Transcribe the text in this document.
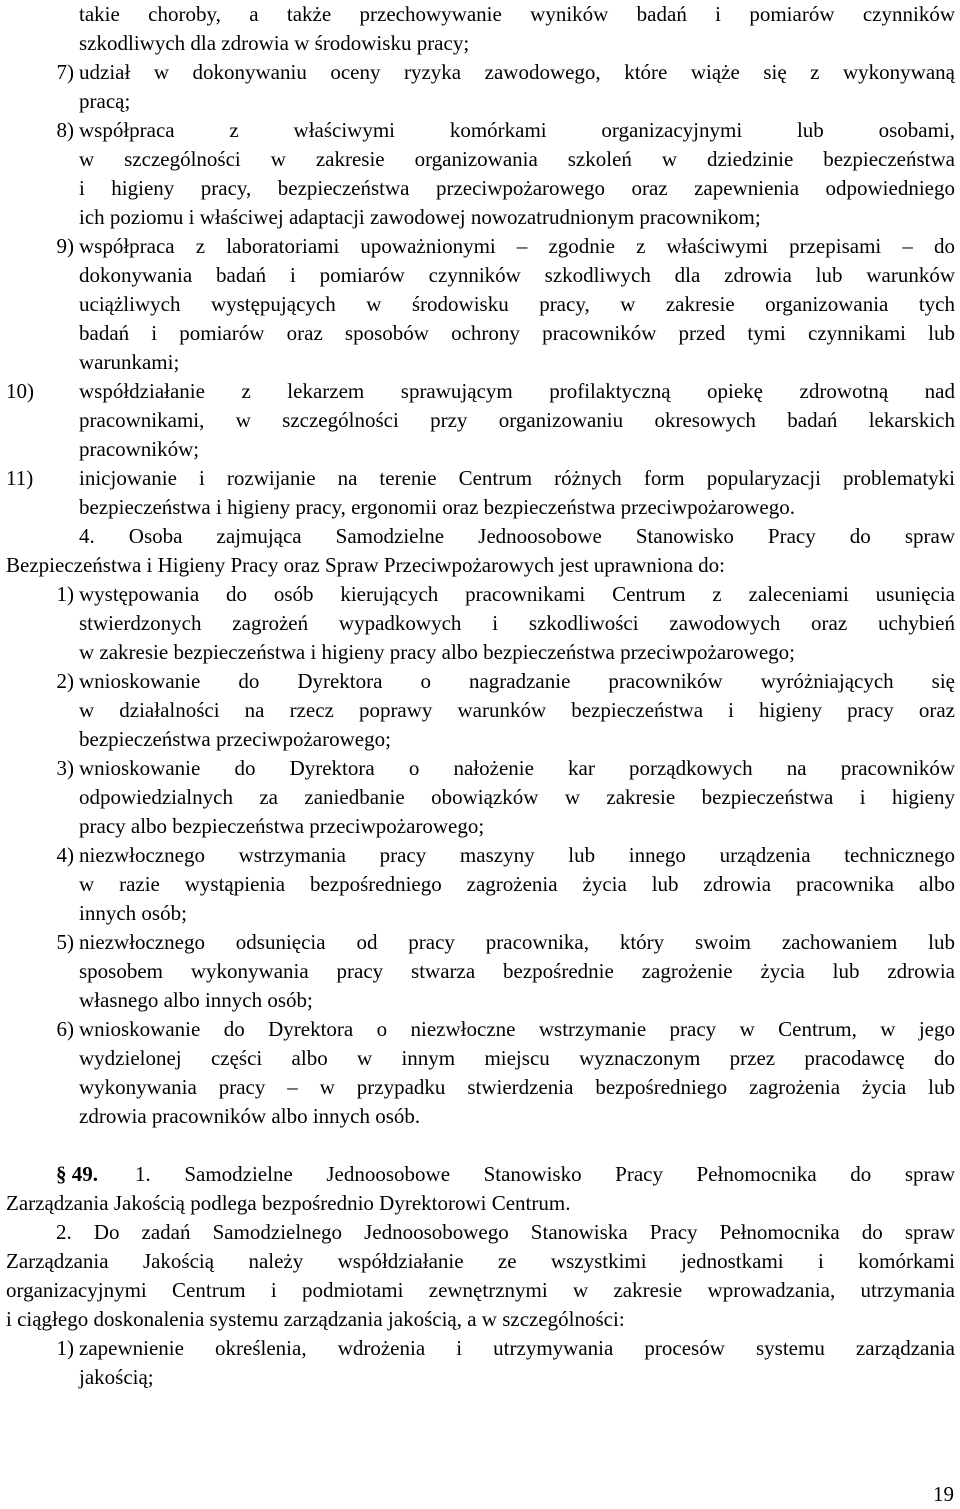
takie choroby, a także przechowywanie wyników badań i pomiarów czynników
szkodliwych dla zdrowia w środowisku pracy;
7) udział w dokonywaniu oceny ryzyka zawodowego, które wiąże się z wykonywaną
pracą;
8) współpraca z właściwymi komórkami organizacyjnymi lub osobami,
w szczególności w zakresie organizowania szkoleń w dziedzinie bezpieczeństwa
i higieny pracy, bezpieczeństwa przeciwpożarowego oraz zapewnienia odpowiedniego
ich poziomu i właściwej adaptacji zawodowej nowozatrudnionym pracownikom;
9) współpraca z laboratoriami upoważnionymi – zgodnie z właściwymi przepisami – do
dokonywania badań i pomiarów czynników szkodliwych dla zdrowia lub warunków
uciążliwych występujących w środowisku pracy, w zakresie organizowania tych
badań i pomiarów oraz sposobów ochrony pracowników przed tymi czynnikami lub
warunkami;
10)	współdziałanie z lekarzem sprawującym profilaktyczną opiekę zdrowotną nad
pracownikami, w szczególności przy organizowaniu okresowych badań lekarskich
pracowników;
11)	inicjowanie i rozwijanie na terenie Centrum różnych form popularyzacji problematyki
bezpieczeństwa i higieny pracy, ergonomii oraz bezpieczeństwa przeciwpożarowego.
4. Osoba zajmująca Samodzielne Jednoosobowe Stanowisko Pracy do spraw
Bezpieczeństwa i Higieny Pracy oraz Spraw Przeciwpożarowych jest uprawniona do:
1) występowania do osób kierujących pracownikami Centrum z zaleceniami usunięcia
stwierdzonych zagrożeń wypadkowych i szkodliwości zawodowych oraz uchybień
w zakresie bezpieczeństwa i higieny pracy albo bezpieczeństwa przeciwpożarowego;
2) wnioskowanie do Dyrektora o nagradzanie pracowników wyróżniających się
w działalności na rzecz poprawy warunków bezpieczeństwa i higieny pracy oraz
bezpieczeństwa przeciwpożarowego;
3) wnioskowanie do Dyrektora o nałożenie kar porządkowych na pracowników
odpowiedzialnych za zaniedbanie obowiązków w zakresie bezpieczeństwa i higieny
pracy albo bezpieczeństwa przeciwpożarowego;
4) niezwłocznego wstrzymania pracy maszyny lub innego urządzenia technicznego
w razie wystąpienia bezpośredniego zagrożenia życia lub zdrowia pracownika albo
innych osób;
5) niezwłocznego odsunięcia od pracy pracownika, który swoim zachowaniem lub
sposobem wykonywania pracy stwarza bezpośrednie zagrożenie życia lub zdrowia
własnego albo innych osób;
6) wnioskowanie do Dyrektora o niezwłoczne wstrzymanie pracy w Centrum, w jego
wydzielonej części albo w innym miejscu wyznaczonym przez pracodawcę do
wykonywania pracy – w przypadku stwierdzenia bezpośredniego zagrożenia życia lub
zdrowia pracowników albo innych osób.
§ 49. 1. Samodzielne Jednoosobowe Stanowisko Pracy Pełnomocnika do spraw
Zarządzania Jakością podlega bezpośrednio Dyrektorowi Centrum.
2. Do zadań Samodzielnego Jednoosobowego Stanowiska Pracy Pełnomocnika do spraw
Zarządzania Jakością należy współdziałanie ze wszystkimi jednostkami i komórkami
organizacyjnymi Centrum i podmiotami zewnętrznymi w zakresie wprowadzania, utrzymania
i ciągłego doskonalenia systemu zarządzania jakością, a w szczególności:
1) zapewnienie określenia, wdrożenia i utrzymywania procesów systemu zarządzania
jakością;
19
